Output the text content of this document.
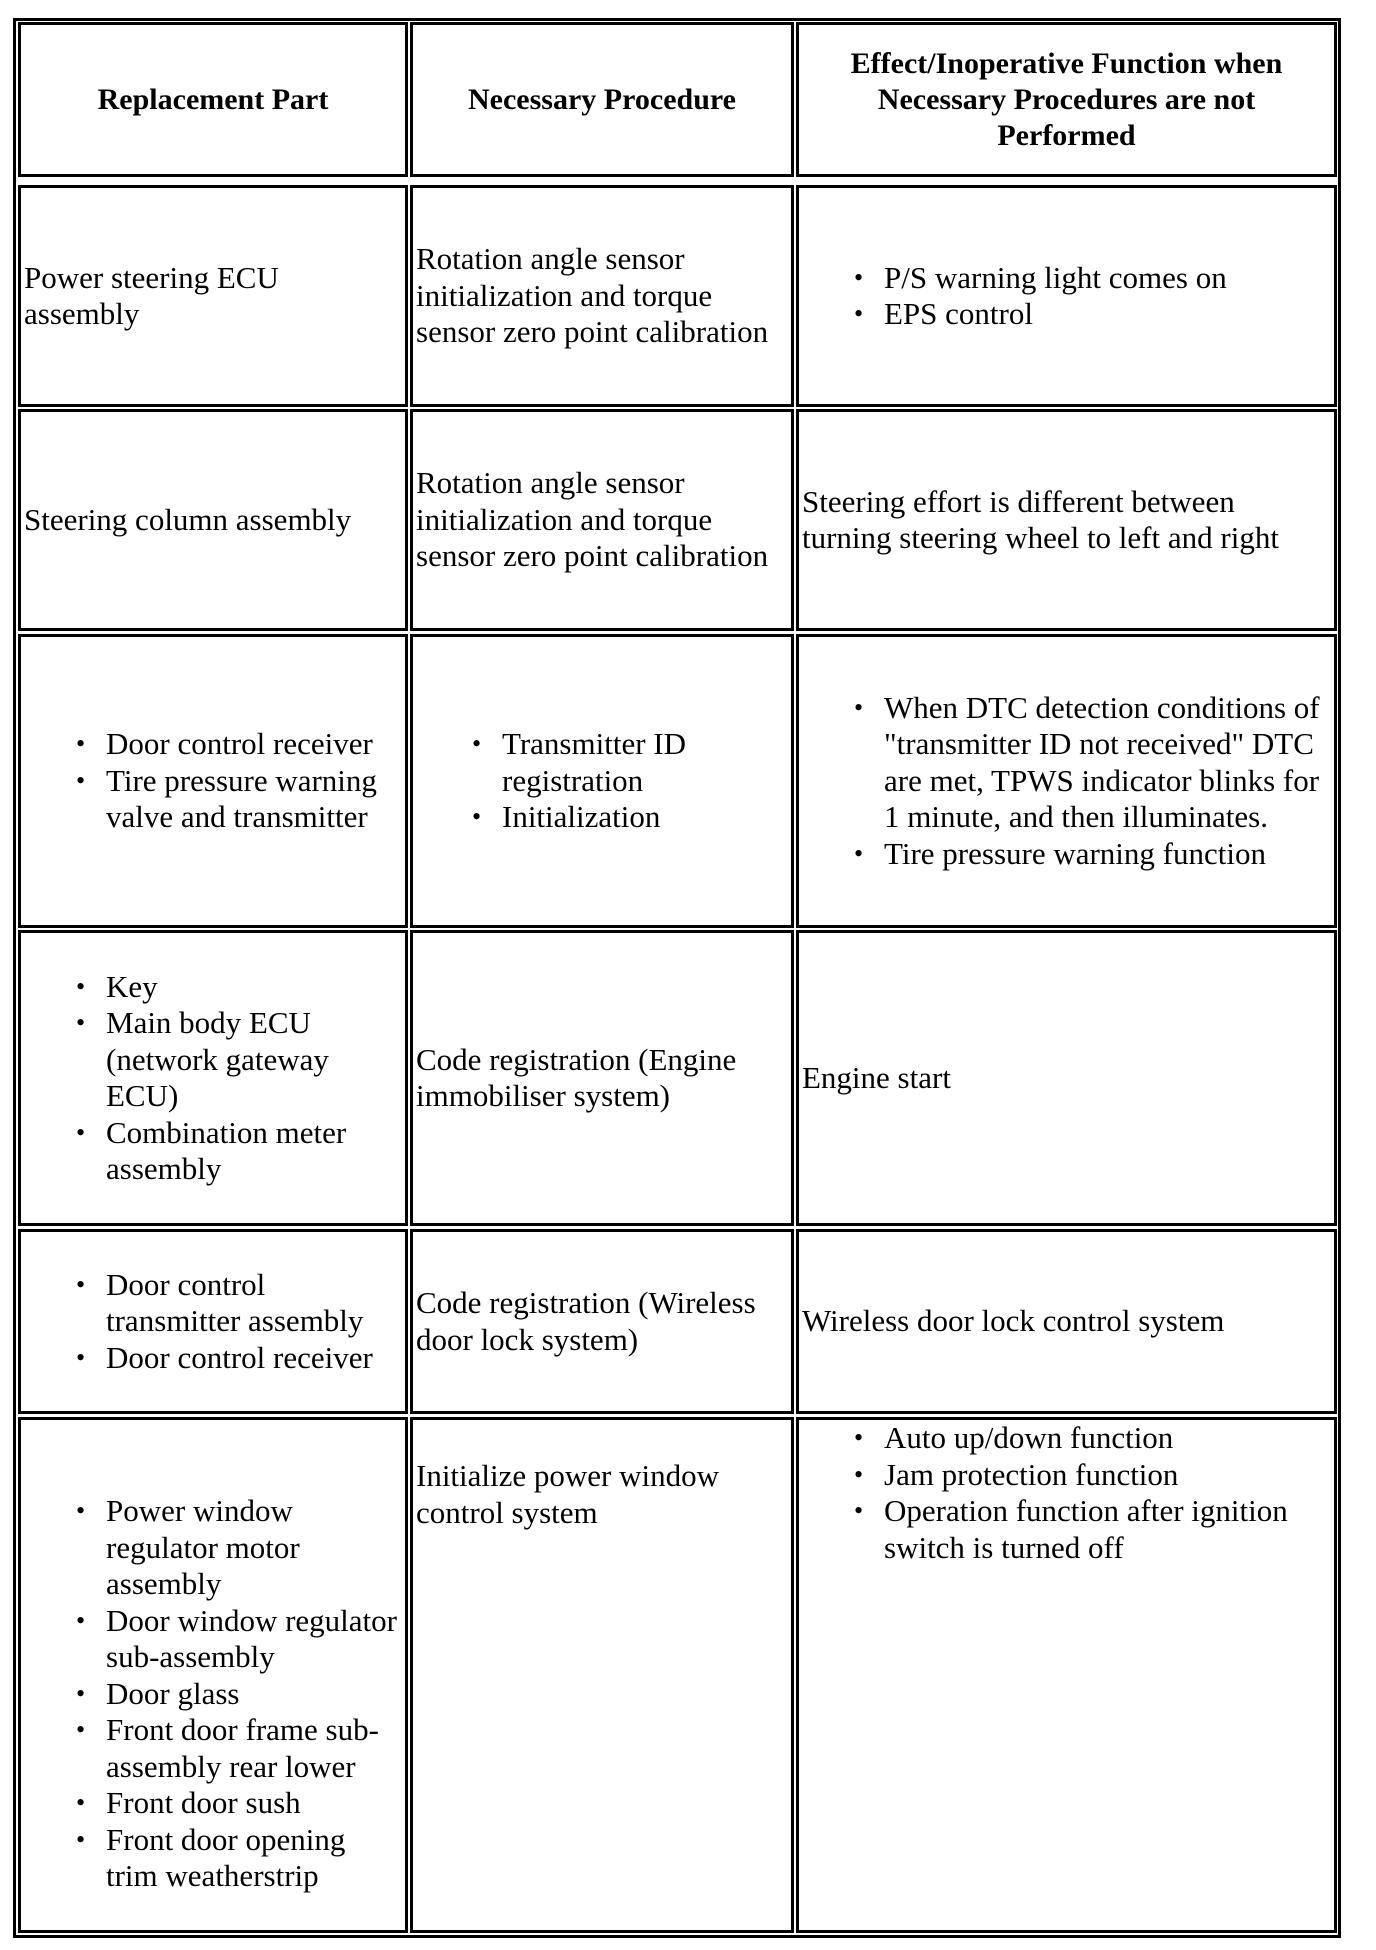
Replacement Part	Necessary Procedure
Effect/Inoperative Function when Necessary Procedures are not Performed
Power steering ECU assembly
Rotation angle sensor initialization and torque sensor zero point calibration
• P/S warning light comes on
• EPS control
Steering column assembly
Rotation angle sensor initialization and torque sensor zero point calibration
Steering effort is different between turning steering wheel to left and right
• Door control receiver
• Tire pressure warning valve and transmitter
• Transmitter ID registration
• Initialization
• When DTC detection conditions of "transmitter ID not received" DTC are met, TPWS indicator blinks for 1 minute, and then illuminates.
• Tire pressure warning function
• Key
• Main body ECU (network gateway ECU)
• Combination meter assembly
Code registration (Engine immobiliser system)
Engine start
• Door control transmitter assembly
• Door control receiver
Code registration (Wireless door lock system)
Wireless door lock control system
• Power window regulator motor assembly
• Door window regulator sub-assembly
• Door glass
• Front door frame sub-assembly rear lower
• Front door sush
• Front door opening trim weatherstrip
Initialize power window control system
• Auto up/down function
• Jam protection function
• Operation function after ignition switch is turned off
